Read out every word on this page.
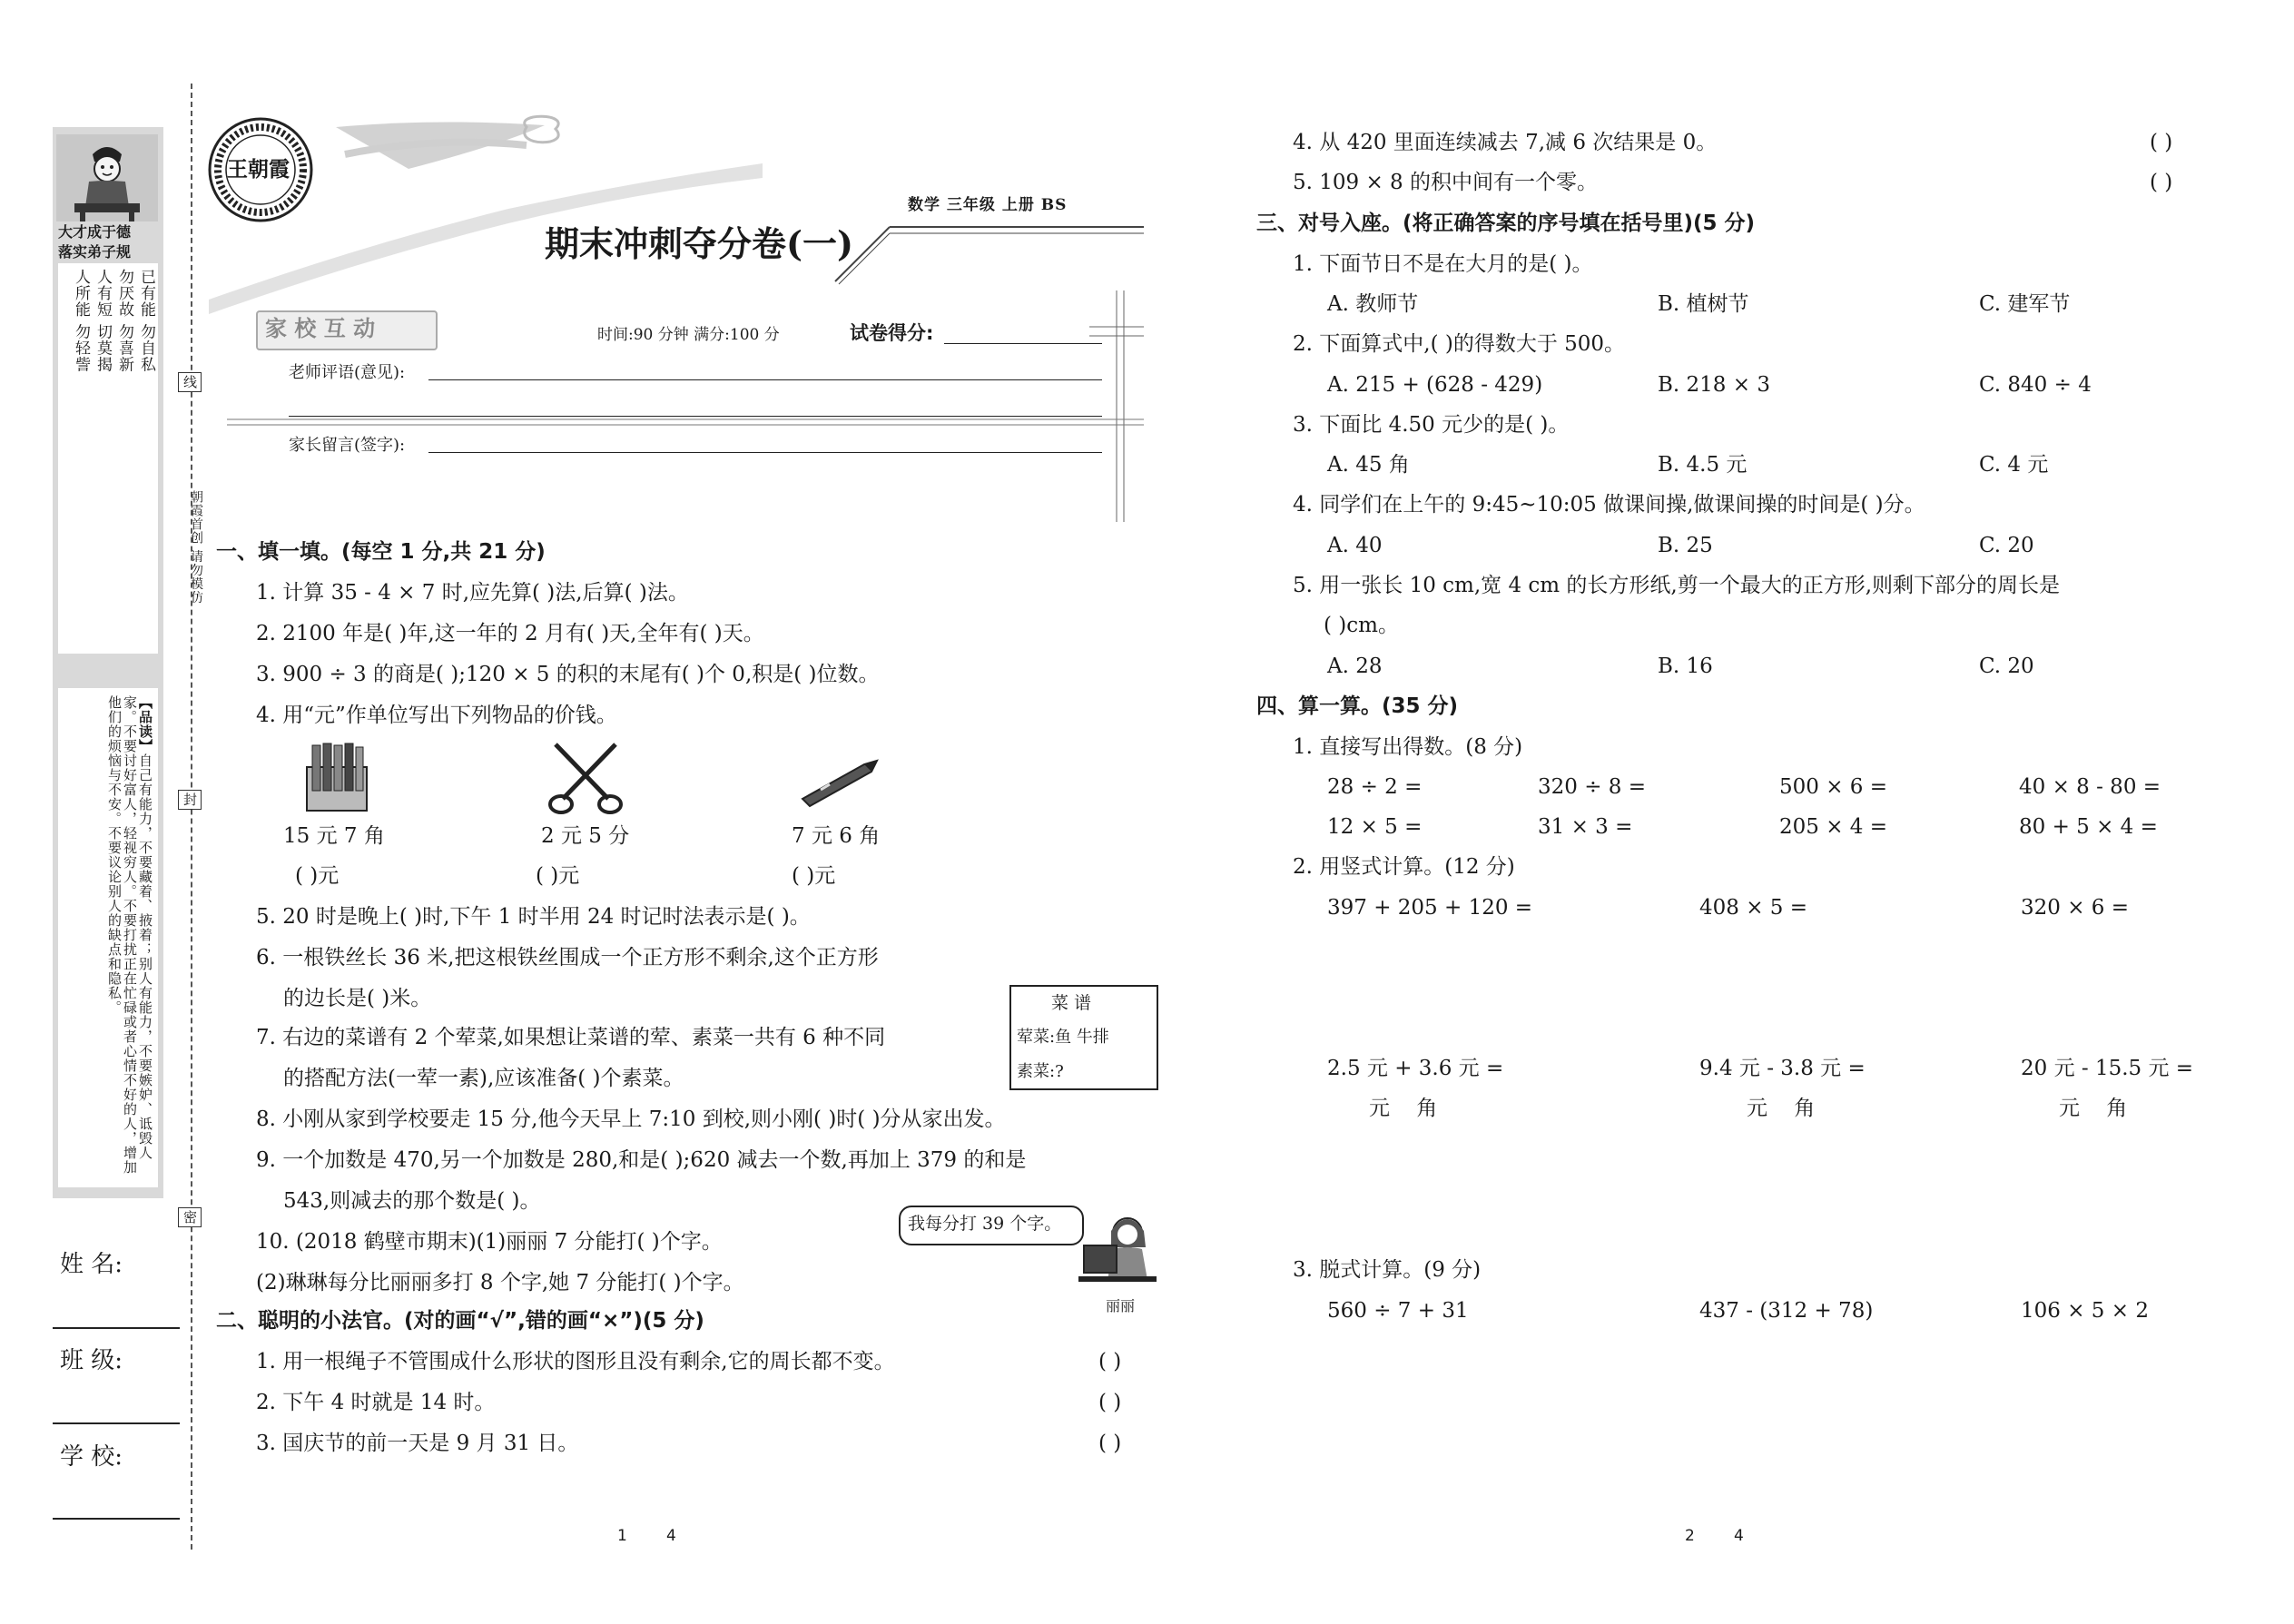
大才成于德
落实弟子规
已有能 勿自私
勿厌故 勿喜新
人有短 切莫揭
人所能 勿轻訾
【品读】自己有能力，不要藏着、掖着；别人有能力，不要嫉妒、诋毁人家。不要讨好富人，轻视穷人。不要打扰正在忙碌或者心情不好的人，增加他们的烦恼与不安。不要议论别人的缺点和隐私。
姓 名:
班 级:
学 校:
线
封
密
朝霞首创 请勿模仿
王朝霞
数学 三年级 上册 BS
期末冲刺夺分卷(一)
家 校 互 动	时间:90 分钟 满分:100 分	试卷得分:
老师评语(意见):
家长留言(签字):
一、填一填。(每空 1 分,共 21 分)
1. 计算 35 - 4 × 7 时,应先算( )法,后算( )法。
2. 2100 年是( )年,这一年的 2 月有( )天,全年有( )天。
3. 900 ÷ 3 的商是( );120 × 5 的积的末尾有( )个 0,积是( )位数。
4. 用“元”作单位写出下列物品的价钱。
15 元 7 角	2 元 5 分	7 元 6 角
( )元	( )元	( )元
5. 20 时是晚上( )时,下午 1 时半用 24 时记时法表示是( )。
6. 一根铁丝长 36 米,把这根铁丝围成一个正方形不剩余,这个正方形
的边长是( )米。	菜 谱
荤菜:鱼 牛排
素菜:?
7. 右边的菜谱有 2 个荤菜,如果想让菜谱的荤、素菜一共有 6 种不同
的搭配方法(一荤一素),应该准备( )个素菜。
8. 小刚从家到学校要走 15 分,他今天早上 7:10 到校,则小刚( )时( )分从家出发。
9. 一个加数是 470,另一个加数是 280,和是( );620 减去一个数,再加上 379 的和是
543,则减去的那个数是( )。
我每分打 39 个字。
丽丽
10. (2018 鹤壁市期末)(1)丽丽 7 分能打( )个字。
(2)琳琳每分比丽丽多打 8 个字,她 7 分能打( )个字。
二、聪明的小法官。(对的画“√”,错的画“×”)(5 分)
1. 用一根绳子不管围成什么形状的图形且没有剩余,它的周长都不变。	( )
2. 下午 4 时就是 14 时。	( )
3. 国庆节的前一天是 9 月 31 日。	( )
1        4
4. 从 420 里面连续减去 7,减 6 次结果是 0。	( )
5. 109 × 8 的积中间有一个零。	( )
三、对号入座。(将正确答案的序号填在括号里)(5 分)
1. 下面节日不是在大月的是( )。
A. 教师节	B. 植树节	C. 建军节
2. 下面算式中,( )的得数大于 500。
A. 215 + (628 - 429)	B. 218 × 3	C. 840 ÷ 4
3. 下面比 4.50 元少的是( )。
A. 45 角	B. 4.5 元	C. 4 元
4. 同学们在上午的 9:45~10:05 做课间操,做课间操的时间是( )分。
A. 40	B. 25	C. 20
5. 用一张长 10 cm,宽 4 cm 的长方形纸,剪一个最大的正方形,则剩下部分的周长是
( )cm。
A. 28	B. 16	C. 20
四、算一算。(35 分)
1. 直接写出得数。(8 分)
28 ÷ 2 =	320 ÷ 8 =	500 × 6 =	40 × 8 - 80 =
12 × 5 =	31 × 3 =	205 × 4 =	80 + 5 × 4 =
2. 用竖式计算。(12 分)
397 + 205 + 120 =	408 × 5 =	320 × 6 =
2.5 元 + 3.6 元 =	9.4 元 - 3.8 元 =	20 元 - 15.5 元 =
元    角	元    角	元    角
3. 脱式计算。(9 分)
560 ÷ 7 + 31	437 - (312 + 78)	106 × 5 × 2
2        4
